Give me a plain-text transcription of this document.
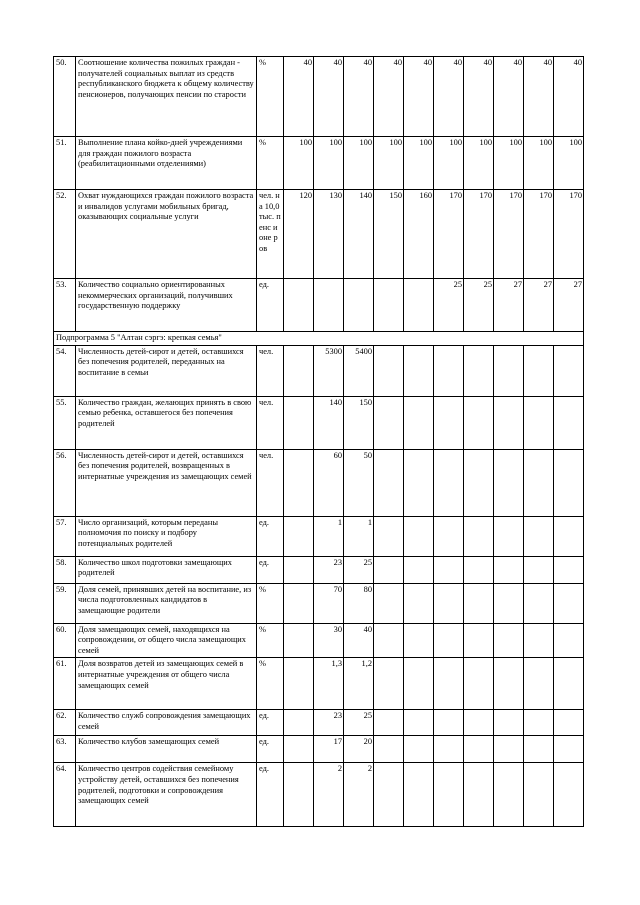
50.	Соотношение количества пожилых граждан - получателей социальных выплат из средств республиканского бюджета к общему количеству пенсионеров, получающих пенсии по старости	%	40	40	40	40	40	40	40	40	40	40
51.	Выполнение плана койко-дней учреждениями для граждан пожилого возраста (реабилитационными отделениями)	%	100	100	100	100	100	100	100	100	100	100
52.	Охват нуждающихся граждан пожилого возраста и инвалидов услугами мобильных бригад, оказывающих социальные услуги	чел. на 10,0 тыс. пенс ионе ров	120	130	140	150	160	170	170	170	170	170
53.	Количество социально ориентированных некоммерческих организаций, получивших государственную поддержку	ед.						25	25	27	27	27
Подпрограмма 5 "Алтан сэргэ: крепкая семья"												
54.	Численность детей-сирот и детей, оставшихся без попечения родителей, переданных на воспитание в семьи	чел.		5300	5400							
55.	Количество граждан, желающих принять в свою семью ребенка, оставшегося без попечения родителей	чел.		140	150							
56.	Численность детей-сирот и детей, оставшихся без попечения родителей, возвращенных в интернатные учреждения из замещающих семей	чел.		60	50							
57.	Число организаций, которым переданы полномочия по поиску и подбору потенциальных родителей	ед.		1	1							
58.	Количество школ подготовки замещающих родителей	ед.		23	25							
59.	Доля семей, принявших детей на воспитание, из числа подготовленных кандидатов в замещающие родители	%		70	80							
60.	Доля замещающих семей, находящихся на сопровождении, от общего числа замещающих семей	%		30	40							
61.	Доля возвратов детей из замещающих семей в интернатные учреждения от общего числа замещающих семей	%		1,3	1,2							
62.	Количество служб сопровождения замещающих семей	ед.		23	25							
63.	Количество клубов замещающих семей	ед.		17	20							
64.	Количество центров содействия семейному устройству детей, оставшихся без попечения родителей, подготовки и сопровождения замещающих семей	ед.		2	2							
